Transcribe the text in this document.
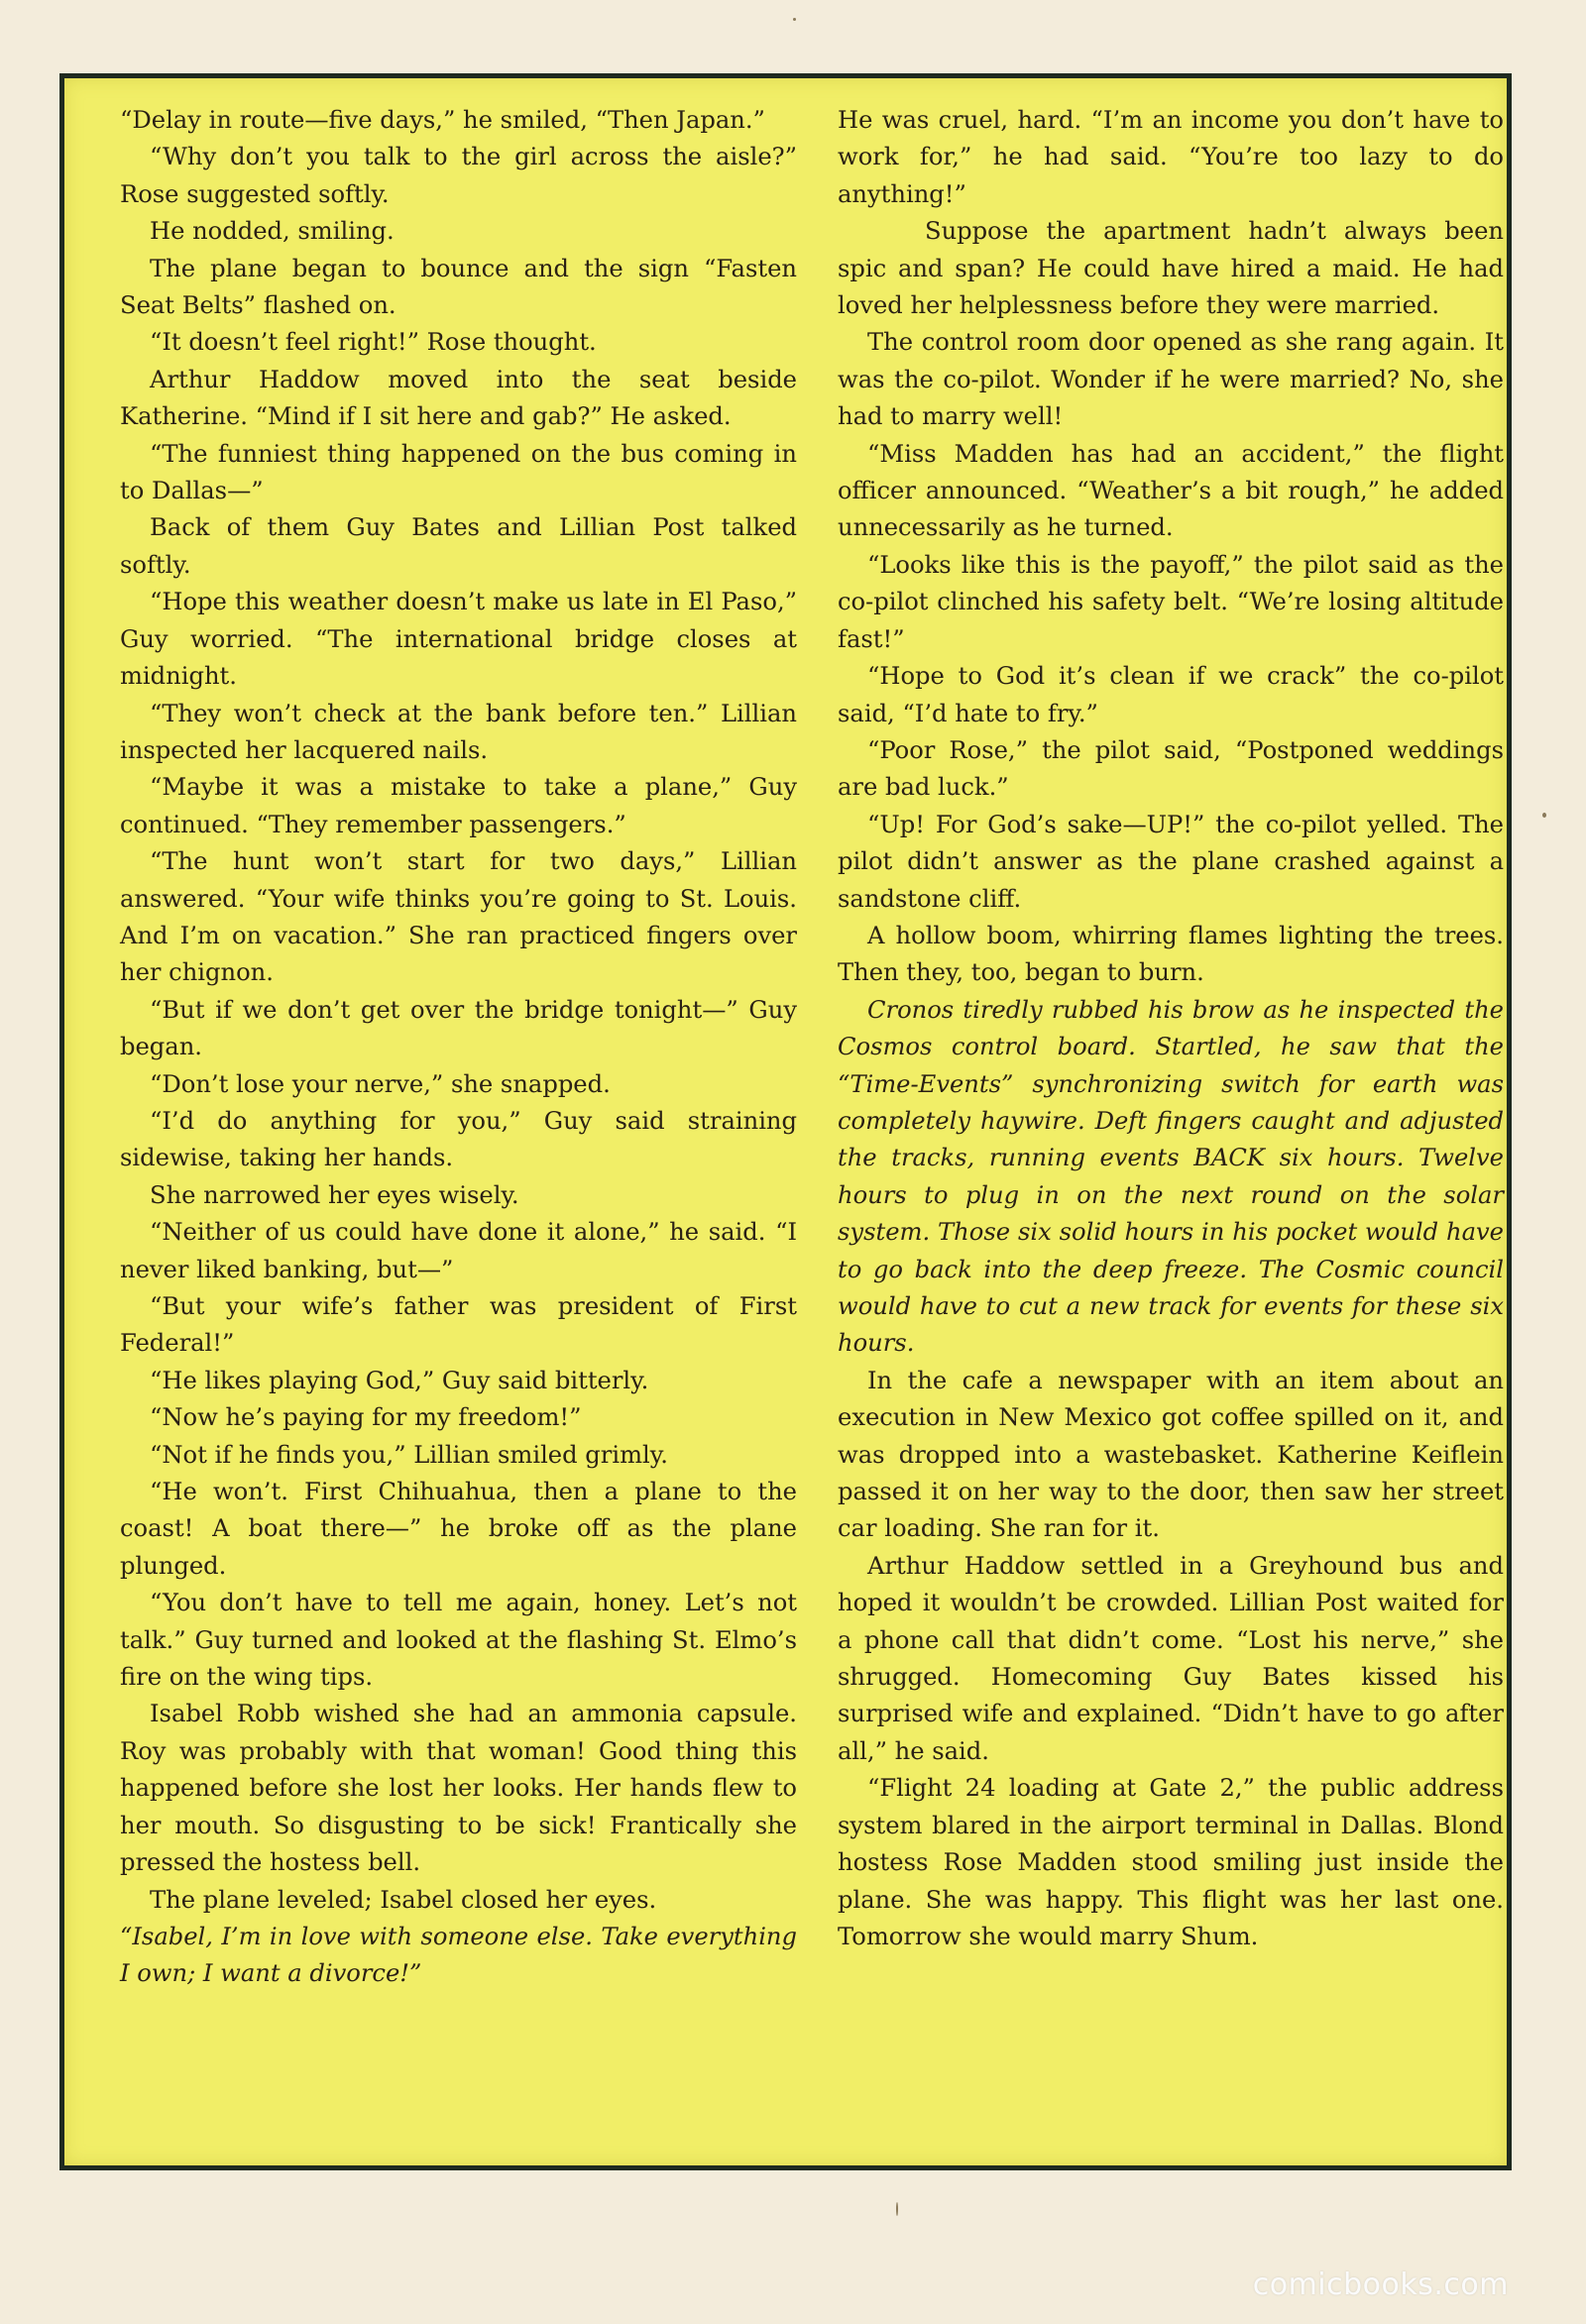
“Delay in route—five days,” he smiled, “Then Japan.”

“Why don’t you talk to the girl across the aisle?” Rose suggested softly.

He nodded, smiling.

The plane began to bounce and the sign “Fasten Seat Belts” flashed on.

“It doesn’t feel right!” Rose thought.

Arthur Haddow moved into the seat beside Katherine. “Mind if I sit here and gab?” He asked.

“The funniest thing happened on the bus coming in to Dallas—”

Back of them Guy Bates and Lillian Post talked softly.

“Hope this weather doesn’t make us late in El Paso,” Guy worried. “The international bridge closes at midnight.

“They won’t check at the bank before ten.” Lillian inspected her lacquered nails.

“Maybe it was a mistake to take a plane,” Guy continued. “They remember passengers.”

“The hunt won’t start for two days,” Lillian answered. “Your wife thinks you’re going to St. Louis. And I’m on vacation.” She ran practiced fingers over her chignon.

“But if we don’t get over the bridge tonight—” Guy began.

“Don’t lose your nerve,” she snapped.

“I’d do anything for you,” Guy said straining sidewise, taking her hands.

She narrowed her eyes wisely.

“Neither of us could have done it alone,” he said. “I never liked banking, but—”

“But your wife’s father was president of First Federal!”

“He likes playing God,” Guy said bitterly.

“Now he’s paying for my freedom!”

“Not if he finds you,” Lillian smiled grimly.

“He won’t. First Chihuahua, then a plane to the coast! A boat there—” he broke off as the plane plunged.

“You don’t have to tell me again, honey. Let’s not talk.” Guy turned and looked at the flashing St. Elmo’s fire on the wing tips.

Isabel Robb wished she had an ammonia capsule. Roy was probably with that woman! Good thing this happened before she lost her looks. Her hands flew to her mouth. So disgusting to be sick! Frantically she pressed the hostess bell.

The plane leveled; Isabel closed her eyes.

“Isabel, I’m in love with someone else. Take everything I own; I want a divorce!”

He was cruel, hard. “I’m an income you don’t have to work for,” he had said. “You’re too lazy to do anything!”

Suppose the apartment hadn’t always been spic and span? He could have hired a maid. He had loved her helplessness before they were married.

The control room door opened as she rang again. It was the co-pilot. Wonder if he were married? No, she had to marry well!

“Miss Madden has had an accident,” the flight officer announced. “Weather’s a bit rough,” he added unnecessarily as he turned.

“Looks like this is the payoff,” the pilot said as the co-pilot clinched his safety belt. “We’re losing altitude fast!”

“Hope to God it’s clean if we crack” the co-pilot said, “I’d hate to fry.”

“Poor Rose,” the pilot said, “Postponed weddings are bad luck.”

“Up! For God’s sake—UP!” the co-pilot yelled. The pilot didn’t answer as the plane crashed against a sandstone cliff.

A hollow boom, whirring flames lighting the trees. Then they, too, began to burn.

Cronos tiredly rubbed his brow as he inspected the Cosmos control board. Startled, he saw that the “Time-Events” synchronizing switch for earth was completely haywire. Deft fingers caught and adjusted the tracks, running events BACK six hours. Twelve hours to plug in on the next round on the solar system. Those six solid hours in his pocket would have to go back into the deep freeze. The Cosmic council would have to cut a new track for events for these six hours.

In the cafe a newspaper with an item about an execution in New Mexico got coffee spilled on it, and was dropped into a wastebasket. Katherine Keiflein passed it on her way to the door, then saw her street car loading. She ran for it.

Arthur Haddow settled in a Greyhound bus and hoped it wouldn’t be crowded. Lillian Post waited for a phone call that didn’t come. “Lost his nerve,” she shrugged. Homecoming Guy Bates kissed his surprised wife and explained. “Didn’t have to go after all,” he said.

“Flight 24 loading at Gate 2,” the public address system blared in the airport terminal in Dallas. Blond hostess Rose Madden stood smiling just inside the plane. She was happy. This flight was her last one. Tomorrow she would marry Shum.

comicbooks.com
